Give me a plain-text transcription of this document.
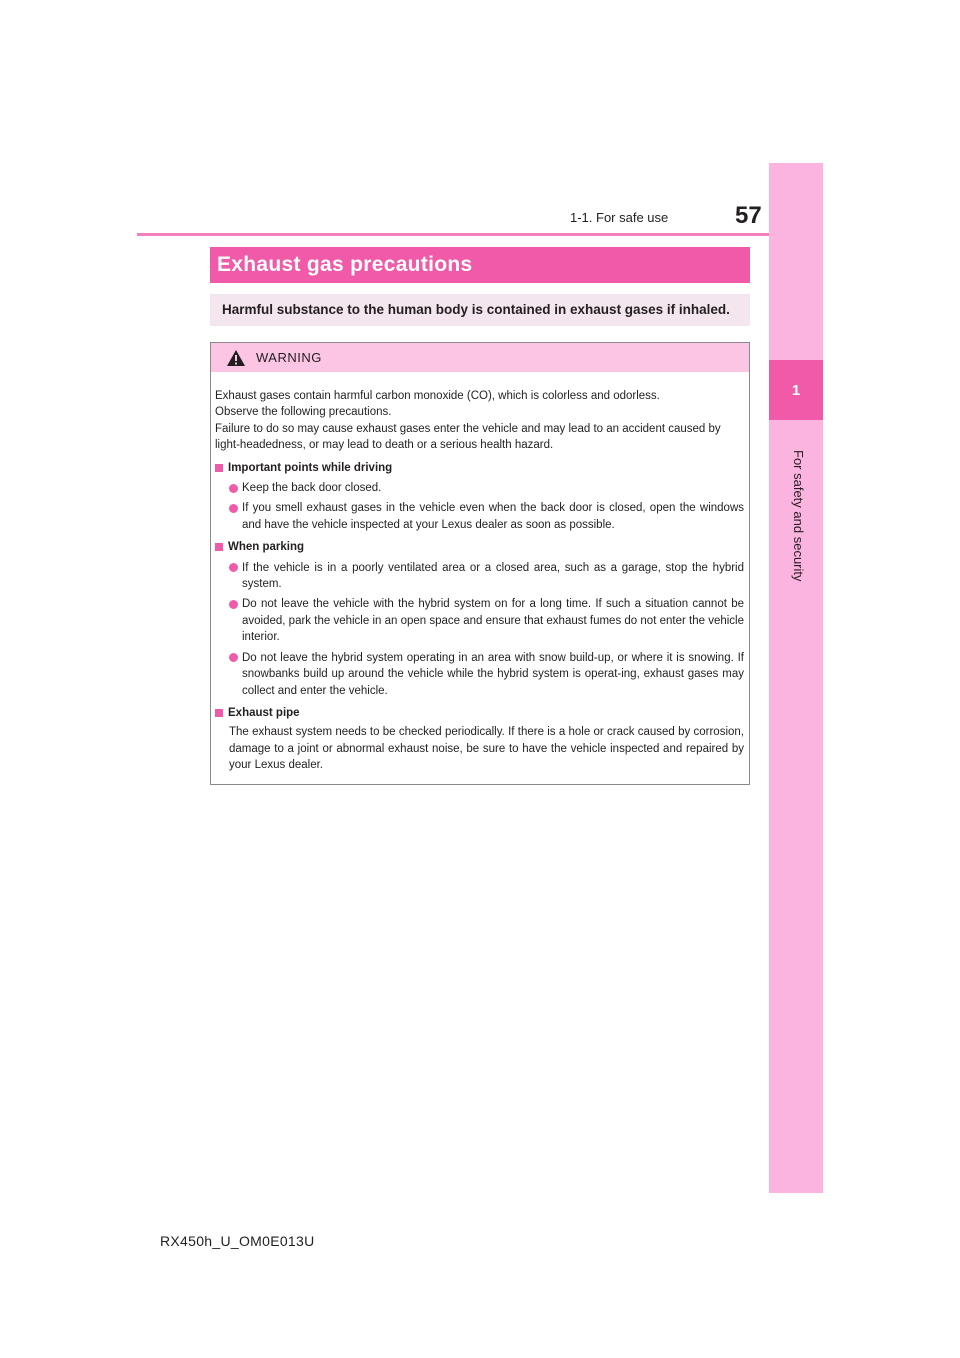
1-1. For safe use	57
1
For safety and security
Exhaust gas precautions
Harmful substance to the human body is contained in exhaust gases if inhaled.
WARNING

Exhaust gases contain harmful carbon monoxide (CO), which is colorless and odorless.

Observe the following precautions.

Failure to do so may cause exhaust gases enter the vehicle and may lead to an accident caused by light-headedness, or may lead to death or a serious health hazard.

Important points while driving
Keep the back door closed.
If you smell exhaust gases in the vehicle even when the back door is closed, open the windows and have the vehicle inspected at your Lexus dealer as soon as possible.
When parking
If the vehicle is in a poorly ventilated area or a closed area, such as a garage, stop the hybrid system.
Do not leave the vehicle with the hybrid system on for a long time. If such a situation cannot be avoided, park the vehicle in an open space and ensure that exhaust fumes do not enter the vehicle interior.
Do not leave the hybrid system operating in an area with snow build-up, or where it is snowing. If snowbanks build up around the vehicle while the hybrid system is operat-ing, exhaust gases may collect and enter the vehicle.
Exhaust pipe

The exhaust system needs to be checked periodically. If there is a hole or crack caused by corrosion, damage to a joint or abnormal exhaust noise, be sure to have the vehicle inspected and repaired by your Lexus dealer.

RX450h_U_OM0E013U
